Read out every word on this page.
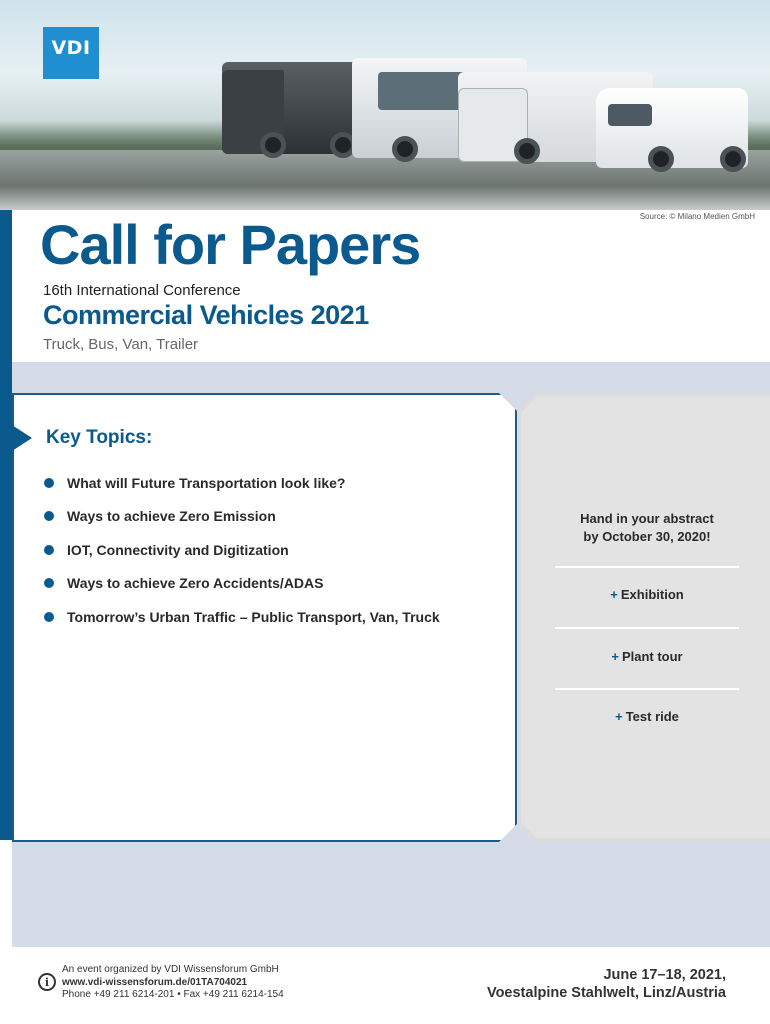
VDI
Source: © Milano Medien GmbH
Call for Papers
16th International Conference
Commercial Vehicles 2021
Truck, Bus, Van, Trailer
Key Topics:
What will Future Transportation look like?
Ways to achieve Zero Emission
IOT, Connectivity and Digitization
Ways to achieve Zero Accidents/ADAS
Tomorrow’s Urban Traffic – Public Transport, Van, Truck
Hand in your abstract
by October 30, 2020!
+ Exhibition
+ Plant tour
+ Test ride
i
An event organized by VDI Wissensforum GmbH
www.vdi-wissensforum.de/01TA704021
Phone +49 211 6214-201 • Fax +49 211 6214-154
June 17–18, 2021,
Voestalpine Stahlwelt, Linz/Austria
